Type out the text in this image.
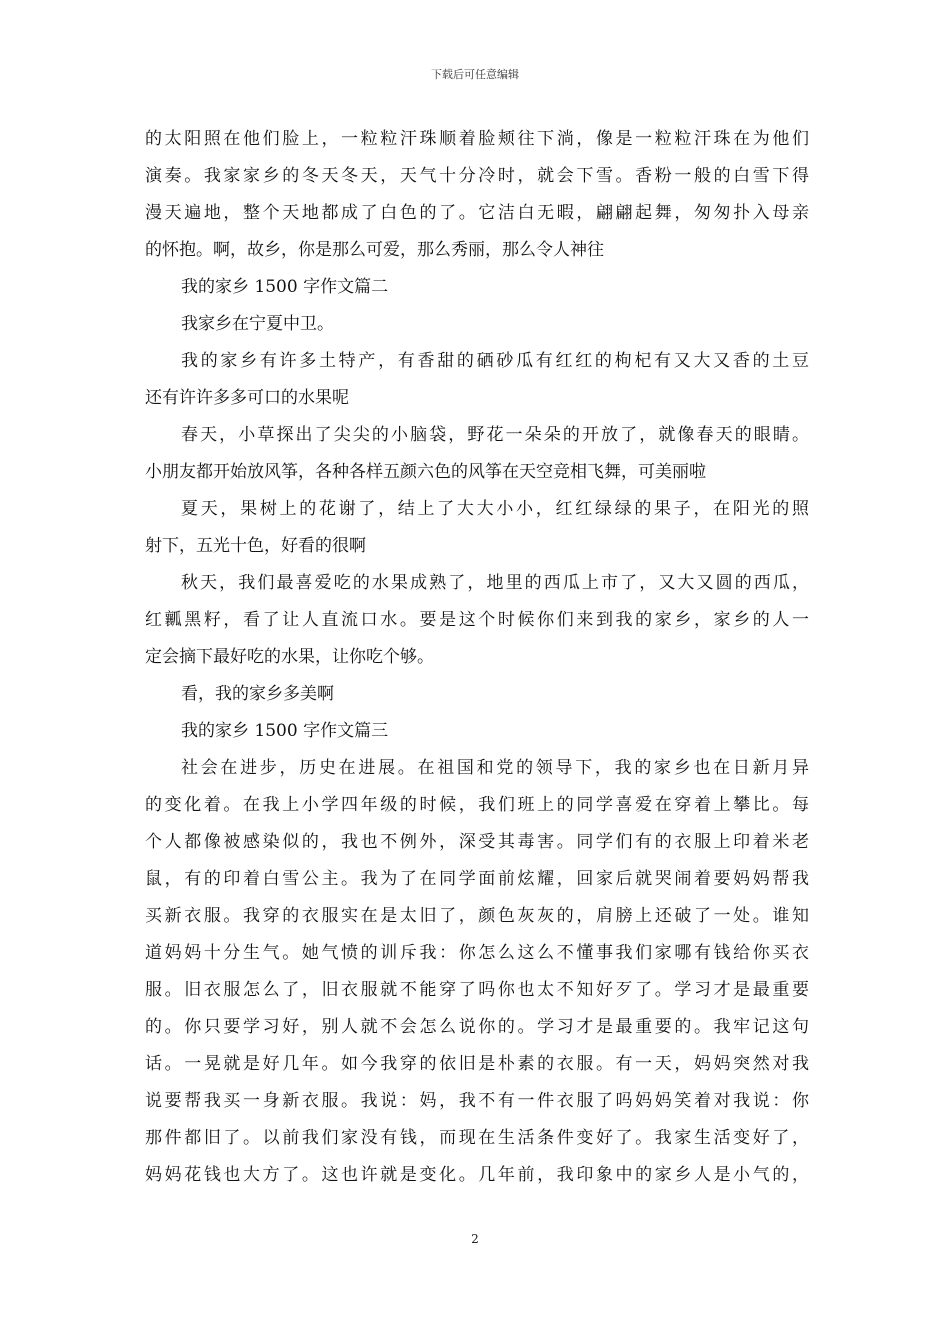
下载后可任意编辑
的太阳照在他们脸上，一粒粒汗珠顺着脸颊往下淌，像是一粒粒汗珠在为他们
演奏。我家家乡的冬天冬天，天气十分冷时，就会下雪。香粉一般的白雪下得
漫天遍地，整个天地都成了白色的了。它洁白无暇，翩翩起舞，匆匆扑入母亲
的怀抱。啊，故乡，你是那么可爱，那么秀丽，那么令人神往
我的家乡 1500 字作文篇二
我家乡在宁夏中卫。
我的家乡有许多土特产，有香甜的硒砂瓜有红红的枸杞有又大又香的土豆
还有许许多多可口的水果呢
春天，小草探出了尖尖的小脑袋，野花一朵朵的开放了，就像春天的眼睛。
小朋友都开始放风筝，各种各样五颜六色的风筝在天空竞相飞舞，可美丽啦
夏天，果树上的花谢了，结上了大大小小，红红绿绿的果子，在阳光的照
射下，五光十色，好看的很啊
秋天，我们最喜爱吃的水果成熟了，地里的西瓜上市了，又大又圆的西瓜，
红瓤黑籽，看了让人直流口水。要是这个时候你们来到我的家乡，家乡的人一
定会摘下最好吃的水果，让你吃个够。
看，我的家乡多美啊
我的家乡 1500 字作文篇三
社会在进步，历史在进展。在祖国和党的领导下，我的家乡也在日新月异
的变化着。在我上小学四年级的时候，我们班上的同学喜爱在穿着上攀比。每
个人都像被感染似的，我也不例外，深受其毒害。同学们有的衣服上印着米老
鼠，有的印着白雪公主。我为了在同学面前炫耀，回家后就哭闹着要妈妈帮我
买新衣服。我穿的衣服实在是太旧了，颜色灰灰的，肩膀上还破了一处。谁知
道妈妈十分生气。她气愤的训斥我：你怎么这么不懂事我们家哪有钱给你买衣
服。旧衣服怎么了，旧衣服就不能穿了吗你也太不知好歹了。学习才是最重要
的。你只要学习好，别人就不会怎么说你的。学习才是最重要的。我牢记这句
话。一晃就是好几年。如今我穿的依旧是朴素的衣服。有一天，妈妈突然对我
说要帮我买一身新衣服。我说：妈，我不有一件衣服了吗妈妈笑着对我说：你
那件都旧了。以前我们家没有钱，而现在生活条件变好了。我家生活变好了，
妈妈花钱也大方了。这也许就是变化。几年前，我印象中的家乡人是小气的，
2
